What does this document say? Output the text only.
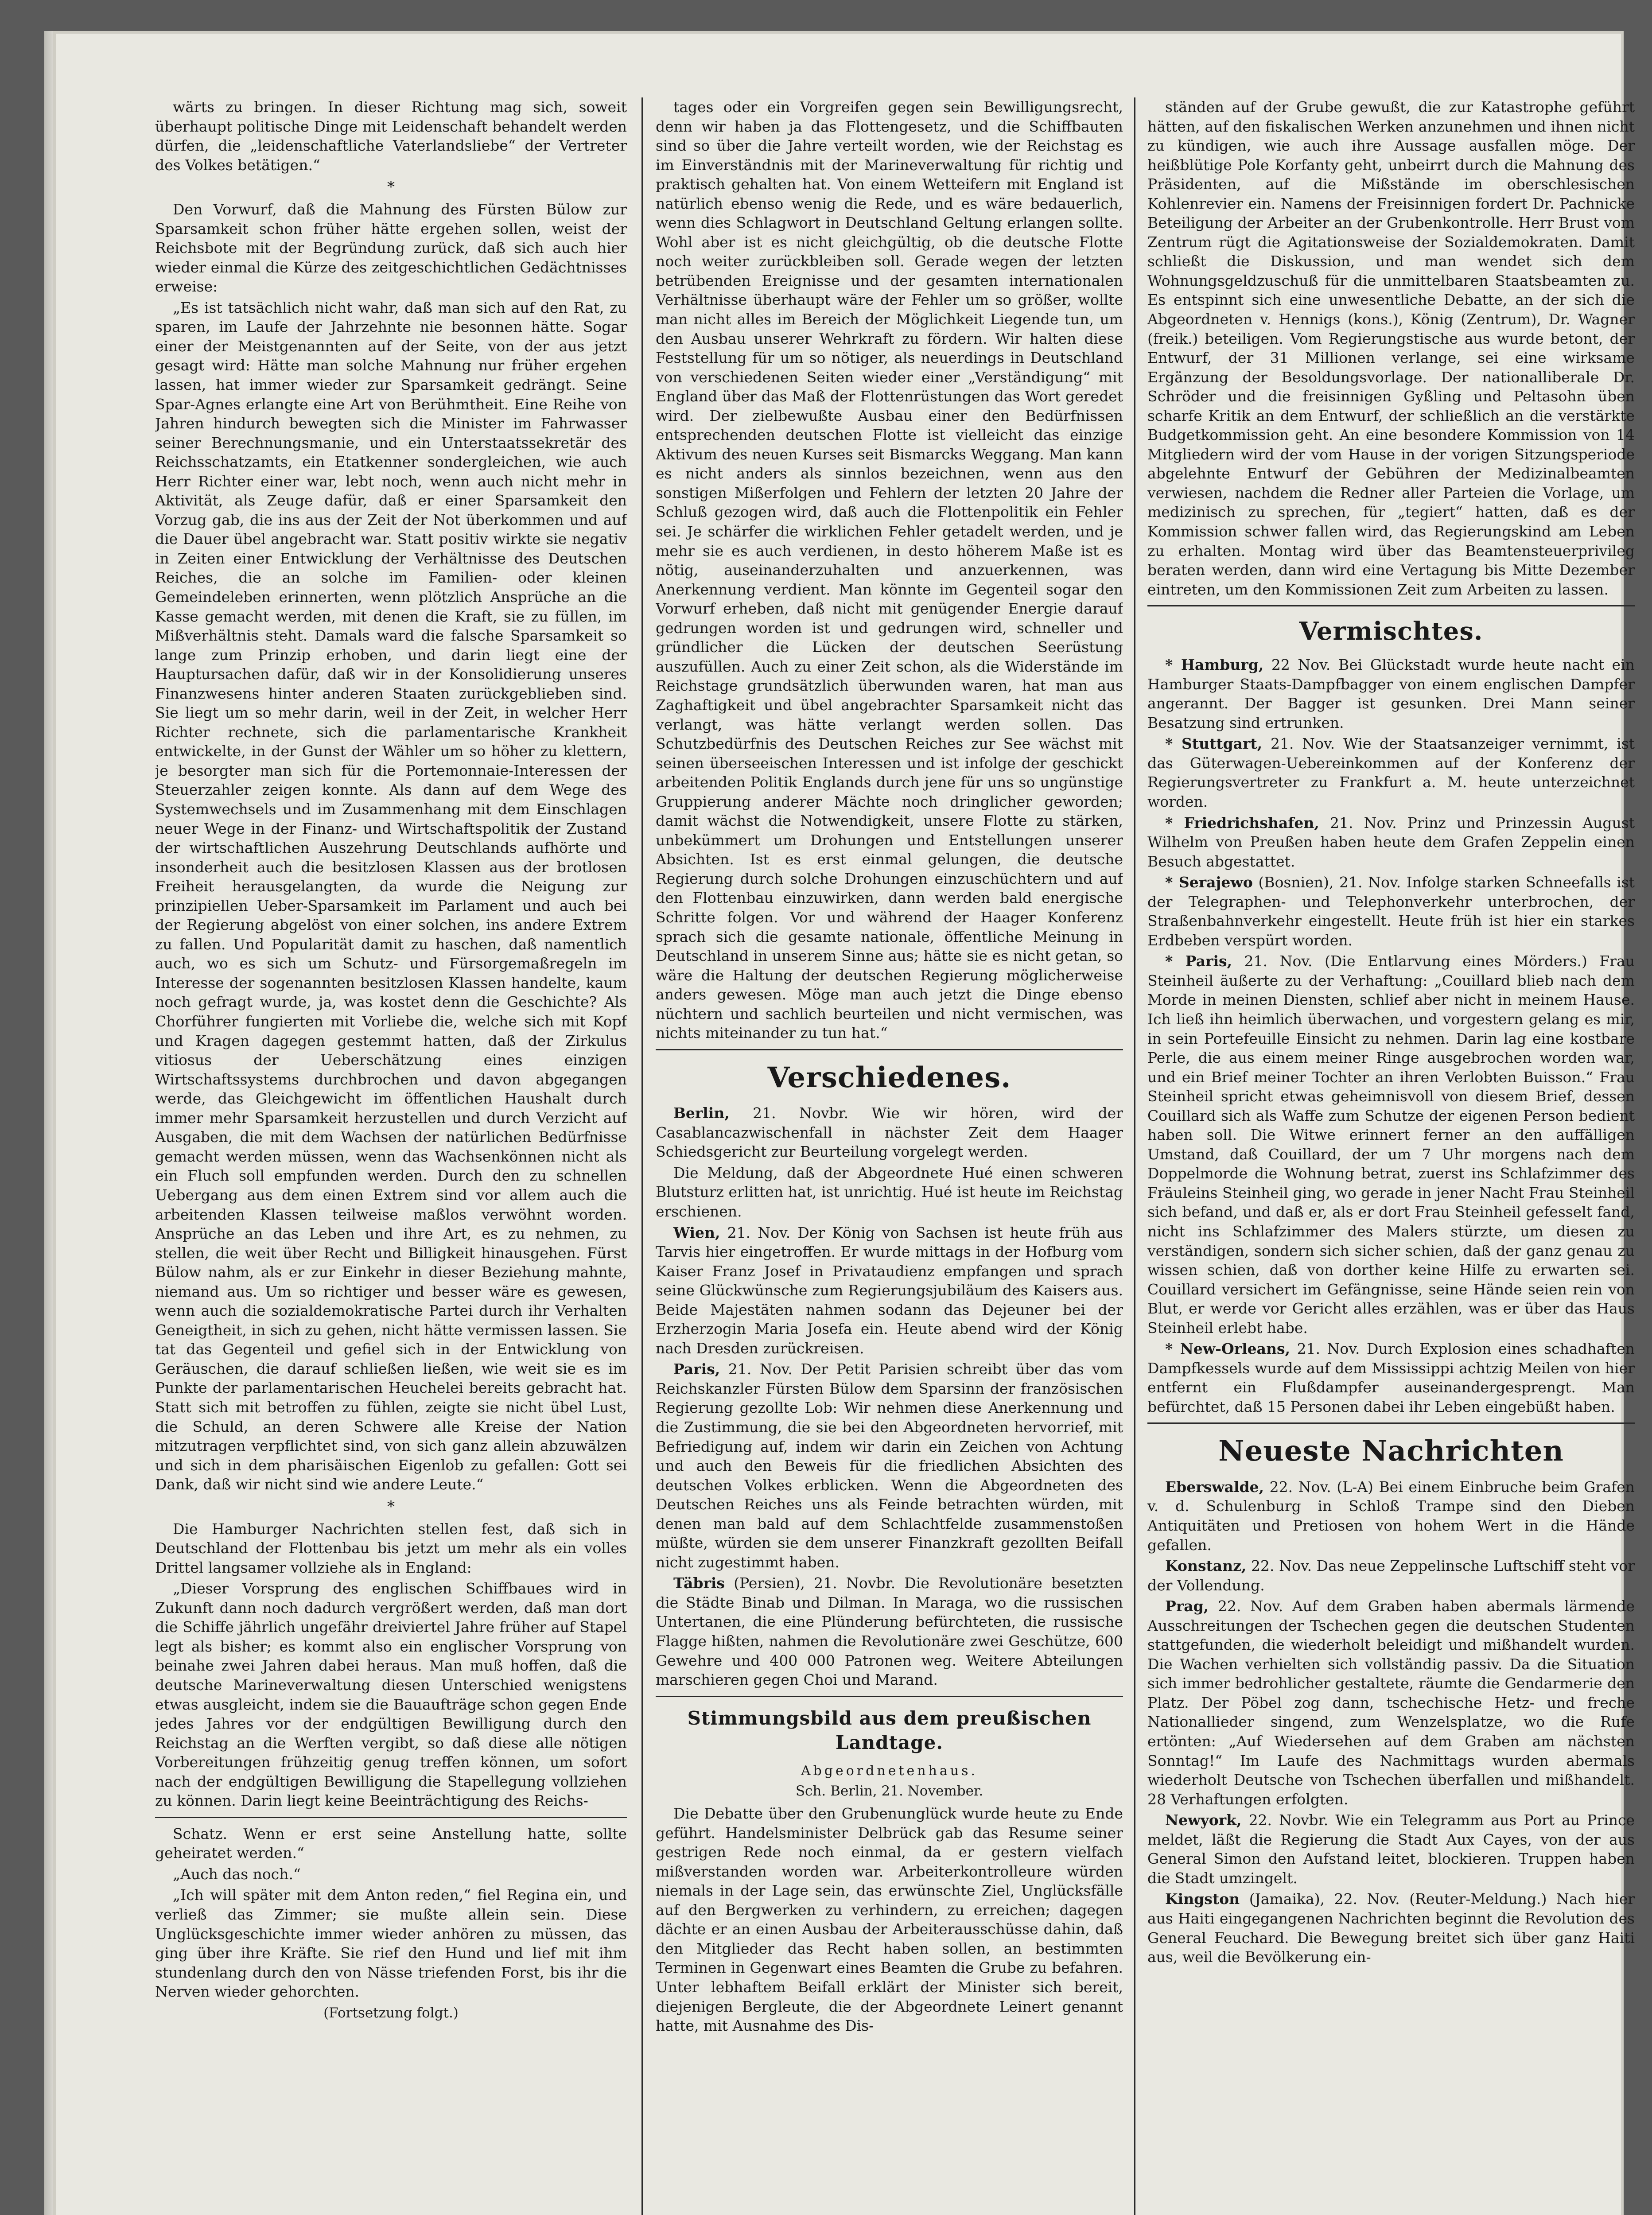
wärts zu bringen. In dieser Richtung mag sich, soweit überhaupt politische Dinge mit Leidenschaft behandelt werden dürfen, die „leidenschaftliche Vaterlandsliebe“ der Vertreter des Volkes betätigen.“

*

Den Vorwurf, daß die Mahnung des Fürsten Bülow zur Sparsamkeit schon früher hätte ergehen sollen, weist der Reichsbote mit der Begründung zurück, daß sich auch hier wieder einmal die Kürze des zeitgeschichtlichen Gedächtnisses erweise:

„Es ist tatsächlich nicht wahr, daß man sich auf den Rat, zu sparen, im Laufe der Jahrzehnte nie besonnen hätte. Sogar einer der Meistgenannten auf der Seite, von der aus jetzt gesagt wird: Hätte man solche Mahnung nur früher ergehen lassen, hat immer wieder zur Sparsamkeit gedrängt. Seine Spar-Agnes erlangte eine Art von Berühmtheit. Eine Reihe von Jahren hindurch bewegten sich die Minister im Fahrwasser seiner Berechnungsmanie, und ein Unterstaatssekretär des Reichsschatzamts, ein Etatkenner sondergleichen, wie auch Herr Richter einer war, lebt noch, wenn auch nicht mehr in Aktivität, als Zeuge dafür, daß er einer Sparsamkeit den Vorzug gab, die ins aus der Zeit der Not überkommen und auf die Dauer übel angebracht war. Statt positiv wirkte sie negativ in Zeiten einer Entwicklung der Verhältnisse des Deutschen Reiches, die an solche im Familien- oder kleinen Gemeindeleben erinnerten, wenn plötzlich Ansprüche an die Kasse gemacht werden, mit denen die Kraft, sie zu füllen, im Mißverhältnis steht. Damals ward die falsche Sparsamkeit so lange zum Prinzip erhoben, und darin liegt eine der Hauptursachen dafür, daß wir in der Konsolidierung unseres Finanzwesens hinter anderen Staaten zurückgeblieben sind. Sie liegt um so mehr darin, weil in der Zeit, in welcher Herr Richter rechnete, sich die parlamentarische Krankheit entwickelte, in der Gunst der Wähler um so höher zu klettern, je besorgter man sich für die Portemonnaie-Interessen der Steuerzahler zeigen konnte. Als dann auf dem Wege des Systemwechsels und im Zusammenhang mit dem Einschlagen neuer Wege in der Finanz- und Wirtschaftspolitik der Zustand der wirtschaftlichen Auszehrung Deutschlands aufhörte und insonderheit auch die besitzlosen Klassen aus der brotlosen Freiheit herausgelangten, da wurde die Neigung zur prinzipiellen Ueber-Sparsamkeit im Parlament und auch bei der Regierung abgelöst von einer solchen, ins andere Extrem zu fallen. Und Popularität damit zu haschen, daß namentlich auch, wo es sich um Schutz- und Fürsorgemaßregeln im Interesse der sogenannten besitzlosen Klassen handelte, kaum noch gefragt wurde, ja, was kostet denn die Geschichte? Als Chorführer fungierten mit Vorliebe die, welche sich mit Kopf und Kragen dagegen gestemmt hatten, daß der Zirkulus vitiosus der Ueberschätzung eines einzigen Wirtschaftssystems durchbrochen und davon abgegangen werde, das Gleichgewicht im öffentlichen Haushalt durch immer mehr Sparsamkeit herzustellen und durch Verzicht auf Ausgaben, die mit dem Wachsen der natürlichen Bedürfnisse gemacht werden müssen, wenn das Wachsenkönnen nicht als ein Fluch soll empfunden werden. Durch den zu schnellen Uebergang aus dem einen Extrem sind vor allem auch die arbeitenden Klassen teilweise maßlos verwöhnt worden. Ansprüche an das Leben und ihre Art, es zu nehmen, zu stellen, die weit über Recht und Billigkeit hinausgehen. Fürst Bülow nahm, als er zur Einkehr in dieser Beziehung mahnte, niemand aus. Um so richtiger und besser wäre es gewesen, wenn auch die sozialdemokratische Partei durch ihr Verhalten Geneigtheit, in sich zu gehen, nicht hätte vermissen lassen. Sie tat das Gegenteil und gefiel sich in der Entwicklung von Geräuschen, die darauf schließen ließen, wie weit sie es im Punkte der parlamentarischen Heuchelei bereits gebracht hat. Statt sich mit betroffen zu fühlen, zeigte sie nicht übel Lust, die Schuld, an deren Schwere alle Kreise der Nation mitzutragen verpflichtet sind, von sich ganz allein abzuwälzen und sich in dem pharisäischen Eigenlob zu gefallen: Gott sei Dank, daß wir nicht sind wie andere Leute.“

*

Die Hamburger Nachrichten stellen fest, daß sich in Deutschland der Flottenbau bis jetzt um mehr als ein volles Drittel langsamer vollziehe als in England:

„Dieser Vorsprung des englischen Schiffbaues wird in Zukunft dann noch dadurch vergrößert werden, daß man dort die Schiffe jährlich ungefähr dreiviertel Jahre früher auf Stapel legt als bisher; es kommt also ein englischer Vorsprung von beinahe zwei Jahren dabei heraus. Man muß hoffen, daß die deutsche Marineverwaltung diesen Unterschied wenigstens etwas ausgleicht, indem sie die Bauaufträge schon gegen Ende jedes Jahres vor der endgültigen Bewilligung durch den Reichstag an die Werften vergibt, so daß diese alle nötigen Vorbereitungen frühzeitig genug treffen können, um sofort nach der endgültigen Bewilligung die Stapellegung vollziehen zu können. Darin liegt keine Beeinträchtigung des Reichs-

Schatz. Wenn er erst seine Anstellung hatte, sollte geheiratet werden.“

„Auch das noch.“

„Ich will später mit dem Anton reden,“ fiel Regina ein, und verließ das Zimmer; sie mußte allein sein. Diese Unglücksgeschichte immer wieder anhören zu müssen, das ging über ihre Kräfte. Sie rief den Hund und lief mit ihm stundenlang durch den von Nässe triefenden Forst, bis ihr die Nerven wieder gehorchten.

(Fortsetzung folgt.)

tages oder ein Vorgreifen gegen sein Bewilligungsrecht, denn wir haben ja das Flottengesetz, und die Schiffbauten sind so über die Jahre verteilt worden, wie der Reichstag es im Einverständnis mit der Marineverwaltung für richtig und praktisch gehalten hat. Von einem Wetteifern mit England ist natürlich ebenso wenig die Rede, und es wäre bedauerlich, wenn dies Schlagwort in Deutschland Geltung erlangen sollte. Wohl aber ist es nicht gleichgültig, ob die deutsche Flotte noch weiter zurückbleiben soll. Gerade wegen der letzten betrübenden Ereignisse und der gesamten internationalen Verhältnisse überhaupt wäre der Fehler um so größer, wollte man nicht alles im Bereich der Möglichkeit Liegende tun, um den Ausbau unserer Wehrkraft zu fördern. Wir halten diese Feststellung für um so nötiger, als neuerdings in Deutschland von verschiedenen Seiten wieder einer „Verständigung“ mit England über das Maß der Flottenrüstungen das Wort geredet wird. Der zielbewußte Ausbau einer den Bedürfnissen entsprechenden deutschen Flotte ist vielleicht das einzige Aktivum des neuen Kurses seit Bismarcks Weggang. Man kann es nicht anders als sinnlos bezeichnen, wenn aus den sonstigen Mißerfolgen und Fehlern der letzten 20 Jahre der Schluß gezogen wird, daß auch die Flottenpolitik ein Fehler sei. Je schärfer die wirklichen Fehler getadelt werden, und je mehr sie es auch verdienen, in desto höherem Maße ist es nötig, auseinanderzuhalten und anzuerkennen, was Anerkennung verdient. Man könnte im Gegenteil sogar den Vorwurf erheben, daß nicht mit genügender Energie darauf gedrungen worden ist und gedrungen wird, schneller und gründlicher die Lücken der deutschen Seerüstung auszufüllen. Auch zu einer Zeit schon, als die Widerstände im Reichstage grundsätzlich überwunden waren, hat man aus Zaghaftigkeit und übel angebrachter Sparsamkeit nicht das verlangt, was hätte verlangt werden sollen. Das Schutzbedürfnis des Deutschen Reiches zur See wächst mit seinen überseeischen Interessen und ist infolge der geschickt arbeitenden Politik Englands durch jene für uns so ungünstige Gruppierung anderer Mächte noch dringlicher geworden; damit wächst die Notwendigkeit, unsere Flotte zu stärken, unbekümmert um Drohungen und Entstellungen unserer Absichten. Ist es erst einmal gelungen, die deutsche Regierung durch solche Drohungen einzuschüchtern und auf den Flottenbau einzuwirken, dann werden bald energische Schritte folgen. Vor und während der Haager Konferenz sprach sich die gesamte nationale, öffentliche Meinung in Deutschland in unserem Sinne aus; hätte sie es nicht getan, so wäre die Haltung der deutschen Regierung möglicherweise anders gewesen. Möge man auch jetzt die Dinge ebenso nüchtern und sachlich beurteilen und nicht vermischen, was nichts miteinander zu tun hat.“

Verschiedenes.

Berlin, 21. Novbr. Wie wir hören, wird der Casablancazwischenfall in nächster Zeit dem Haager Schiedsgericht zur Beurteilung vorgelegt werden.

Die Meldung, daß der Abgeordnete Hué einen schweren Blutsturz erlitten hat, ist unrichtig. Hué ist heute im Reichstag erschienen.

Wien, 21. Nov. Der König von Sachsen ist heute früh aus Tarvis hier eingetroffen. Er wurde mittags in der Hofburg vom Kaiser Franz Josef in Privataudienz empfangen und sprach seine Glückwünsche zum Regierungsjubiläum des Kaisers aus. Beide Majestäten nahmen sodann das Dejeuner bei der Erzherzogin Maria Josefa ein. Heute abend wird der König nach Dresden zurückreisen.

Paris, 21. Nov. Der Petit Parisien schreibt über das vom Reichskanzler Fürsten Bülow dem Sparsinn der französischen Regierung gezollte Lob: Wir nehmen diese Anerkennung und die Zustimmung, die sie bei den Abgeordneten hervorrief, mit Befriedigung auf, indem wir darin ein Zeichen von Achtung und auch den Beweis für die friedlichen Absichten des deutschen Volkes erblicken. Wenn die Abgeordneten des Deutschen Reiches uns als Feinde betrachten würden, mit denen man bald auf dem Schlachtfelde zusammenstoßen müßte, würden sie dem unserer Finanzkraft gezollten Beifall nicht zugestimmt haben.

Täbris (Persien), 21. Novbr. Die Revolutionäre besetzten die Städte Binab und Dilman. In Maraga, wo die russischen Untertanen, die eine Plünderung befürchteten, die russische Flagge hißten, nahmen die Revolutionäre zwei Geschütze, 600 Gewehre und 400 000 Patronen weg. Weitere Abteilungen marschieren gegen Choi und Marand.

Stimmungsbild aus dem preußischen Landtage.
Abgeordnetenhaus.
Sch. Berlin, 21. November.

Die Debatte über den Grubenunglück wurde heute zu Ende geführt. Handelsminister Delbrück gab das Resume seiner gestrigen Rede noch einmal, da er gestern vielfach mißverstanden worden war. Arbeiterkontrolleure würden niemals in der Lage sein, das erwünschte Ziel, Unglücksfälle auf den Bergwerken zu verhindern, zu erreichen; dagegen dächte er an einen Ausbau der Arbeiterausschüsse dahin, daß den Mitglieder das Recht haben sollen, an bestimmten Terminen in Gegenwart eines Beamten die Grube zu befahren. Unter lebhaftem Beifall erklärt der Minister sich bereit, diejenigen Bergleute, die der Abgeordnete Leinert genannt hatte, mit Ausnahme des Dis-

ständen auf der Grube gewußt, die zur Katastrophe geführt hätten, auf den fiskalischen Werken anzunehmen und ihnen nicht zu kündigen, wie auch ihre Aussage ausfallen möge. Der heißblütige Pole Korfanty geht, unbeirrt durch die Mahnung des Präsidenten, auf die Mißstände im oberschlesischen Kohlenrevier ein. Namens der Freisinnigen fordert Dr. Pachnicke Beteiligung der Arbeiter an der Grubenkontrolle. Herr Brust vom Zentrum rügt die Agitationsweise der Sozialdemokraten. Damit schließt die Diskussion, und man wendet sich dem Wohnungsgeldzuschuß für die unmittelbaren Staatsbeamten zu. Es entspinnt sich eine unwesentliche Debatte, an der sich die Abgeordneten v. Hennigs (kons.), König (Zentrum), Dr. Wagner (freik.) beteiligen. Vom Regierungstische aus wurde betont, der Entwurf, der 31 Millionen verlange, sei eine wirksame Ergänzung der Besoldungsvorlage. Der nationalliberale Dr. Schröder und die freisinnigen Gyßling und Peltasohn üben scharfe Kritik an dem Entwurf, der schließlich an die verstärkte Budgetkommission geht. An eine besondere Kommission von 14 Mitgliedern wird der vom Hause in der vorigen Sitzungsperiode abgelehnte Entwurf der Gebühren der Medizinalbeamten verwiesen, nachdem die Redner aller Parteien die Vorlage, um medizinisch zu sprechen, für „tegiert“ hatten, daß es der Kommission schwer fallen wird, das Regierungskind am Leben zu erhalten. Montag wird über das Beamtensteuerprivileg beraten werden, dann wird eine Vertagung bis Mitte Dezember eintreten, um den Kommissionen Zeit zum Arbeiten zu lassen.

Vermischtes.

* Hamburg, 22 Nov. Bei Glückstadt wurde heute nacht ein Hamburger Staats-Dampfbagger von einem englischen Dampfer angerannt. Der Bagger ist gesunken. Drei Mann seiner Besatzung sind ertrunken.

* Stuttgart, 21. Nov. Wie der Staatsanzeiger vernimmt, ist das Güterwagen-Uebereinkommen auf der Konferenz der Regierungsvertreter zu Frankfurt a. M. heute unterzeichnet worden.

* Friedrichshafen, 21. Nov. Prinz und Prinzessin August Wilhelm von Preußen haben heute dem Grafen Zeppelin einen Besuch abgestattet.

* Serajewo (Bosnien), 21. Nov. Infolge starken Schneefalls ist der Telegraphen- und Telephonverkehr unterbrochen, der Straßenbahnverkehr eingestellt. Heute früh ist hier ein starkes Erdbeben verspürt worden.

* Paris, 21. Nov. (Die Entlarvung eines Mörders.) Frau Steinheil äußerte zu der Verhaftung: „Couillard blieb nach dem Morde in meinen Diensten, schlief aber nicht in meinem Hause. Ich ließ ihn heimlich überwachen, und vorgestern gelang es mir, in sein Portefeuille Einsicht zu nehmen. Darin lag eine kostbare Perle, die aus einem meiner Ringe ausgebrochen worden war, und ein Brief meiner Tochter an ihren Verlobten Buisson.“ Frau Steinheil spricht etwas geheimnisvoll von diesem Brief, dessen Couillard sich als Waffe zum Schutze der eigenen Person bedient haben soll. Die Witwe erinnert ferner an den auffälligen Umstand, daß Couillard, der um 7 Uhr morgens nach dem Doppelmorde die Wohnung betrat, zuerst ins Schlafzimmer des Fräuleins Steinheil ging, wo gerade in jener Nacht Frau Steinheil sich befand, und daß er, als er dort Frau Steinheil gefesselt fand, nicht ins Schlafzimmer des Malers stürzte, um diesen zu verständigen, sondern sich sicher schien, daß der ganz genau zu wissen schien, daß von dorther keine Hilfe zu erwarten sei. Couillard versichert im Gefängnisse, seine Hände seien rein von Blut, er werde vor Gericht alles erzählen, was er über das Haus Steinheil erlebt habe.

* New-Orleans, 21. Nov. Durch Explosion eines schadhaften Dampfkessels wurde auf dem Mississippi achtzig Meilen von hier entfernt ein Flußdampfer auseinandergesprengt. Man befürchtet, daß 15 Personen dabei ihr Leben eingebüßt haben.

Neueste Nachrichten

Eberswalde, 22. Nov. (L-A) Bei einem Einbruche beim Grafen v. d. Schulenburg in Schloß Trampe sind den Dieben Antiquitäten und Pretiosen von hohem Wert in die Hände gefallen.

Konstanz, 22. Nov. Das neue Zeppelinsche Luftschiff steht vor der Vollendung.

Prag, 22. Nov. Auf dem Graben haben abermals lärmende Ausschreitungen der Tschechen gegen die deutschen Studenten stattgefunden, die wiederholt beleidigt und mißhandelt wurden. Die Wachen verhielten sich vollständig passiv. Da die Situation sich immer bedrohlicher gestaltete, räumte die Gendarmerie den Platz. Der Pöbel zog dann, tschechische Hetz- und freche Nationallieder singend, zum Wenzelsplatze, wo die Rufe ertönten: „Auf Wiedersehen auf dem Graben am nächsten Sonntag!“ Im Laufe des Nachmittags wurden abermals wiederholt Deutsche von Tschechen überfallen und mißhandelt. 28 Verhaftungen erfolgten.

Newyork, 22. Novbr. Wie ein Telegramm aus Port au Prince meldet, läßt die Regierung die Stadt Aux Cayes, von der aus General Simon den Aufstand leitet, blockieren. Truppen haben die Stadt umzingelt.

Kingston (Jamaika), 22. Nov. (Reuter-Meldung.) Nach hier aus Haiti eingegangenen Nachrichten beginnt die Revolution des General Feuchard. Die Bewegung breitet sich über ganz Haiti aus, weil die Bevölkerung ein-
